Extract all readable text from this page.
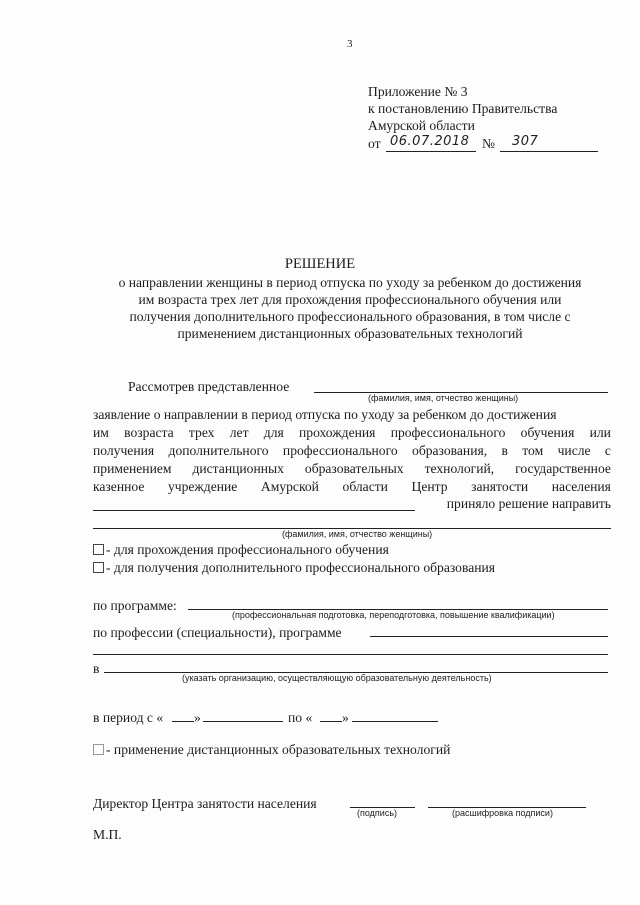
3
Приложение № 3
к постановлению Правительства
Амурской области
от 06.07.2018 № 307
РЕШЕНИЕ
о направлении женщины в период отпуска по уходу за ребенком до достижения
им возраста трех лет для прохождения профессионального обучения или
получения дополнительного профессионального образования, в том числе с
применением дистанционных образовательных технологий
Рассмотрев представленное
(фамилия, имя, отчество женщины)
заявление о направлении в период отпуска по уходу за ребенком до достижения
им возраста трех лет для прохождения профессионального обучения или
получения дополнительного профессионального образования, в том числе с
применением дистанционных образовательных технологий, государственное
казенное учреждение Амурской области Центр занятости населения
приняло решение направить
(фамилия, имя, отчество женщины)
- для прохождения профессионального обучения
- для получения дополнительного профессионального образования
по программе:
(профессиональная подготовка, переподготовка, повышение квалификации)
по профессии (специальности), программе
в
(указать организацию, осуществляющую образовательную деятельность)
в период с « »	по « »
- применение дистанционных образовательных технологий
Директор Центра занятости населения
(подпись)	(расшифровка подписи)
М.П.
